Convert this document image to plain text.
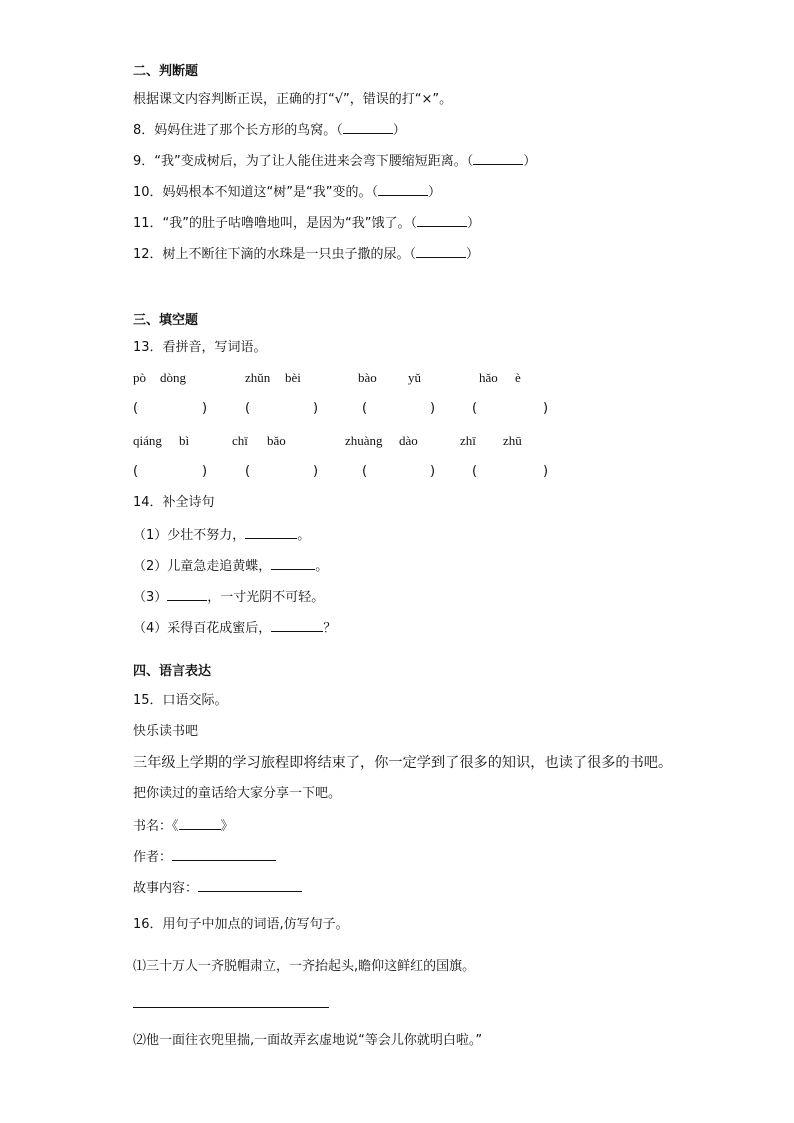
二、判断题
根据课文内容判断正误，正确的打“√”，错误的打“×”。
8．妈妈住进了那个长方形的鸟窝。（	）
9．“我”变成树后，为了让人能住进来会弯下腰缩短距离。（	）
10．妈妈根本不知道这“树”是“我”变的。（	）
11．“我”的肚子咕噜噜地叫，是因为“我”饿了。（	）
12．树上不断往下滴的水珠是一只虫子撒的尿。（	）
三、填空题
13．看拼音，写词语。
pò dòng	zhǔn bèi	bào yǔ	hǎo è
(	)	(	)	(	)	(	)
qiáng bì	chī bǎo	zhuàng dào	zhī zhū
(	)	(	)	(	)	(	)
14．补全诗句
（1）少壮不努力，	。
（2）儿童急走追黄蝶，	。
（3）	，一寸光阴不可轻。
（4）采得百花成蜜后，	？
四、语言表达
15．口语交际。
快乐读书吧
三年级上学期的学习旅程即将结束了，你一定学到了很多的知识，也读了很多的书吧。
把你读过的童话给大家分享一下吧。
书名：《	》
作者：
故事内容：
16．用句子中加点的词语,仿写句子。
⑴三十万人一齐脱帽肃立，一齐抬起头,瞻仰这鲜红的国旗。
⑵他一面往衣兜里揣,一面故弄玄虚地说“等会儿你就明白啦。”
